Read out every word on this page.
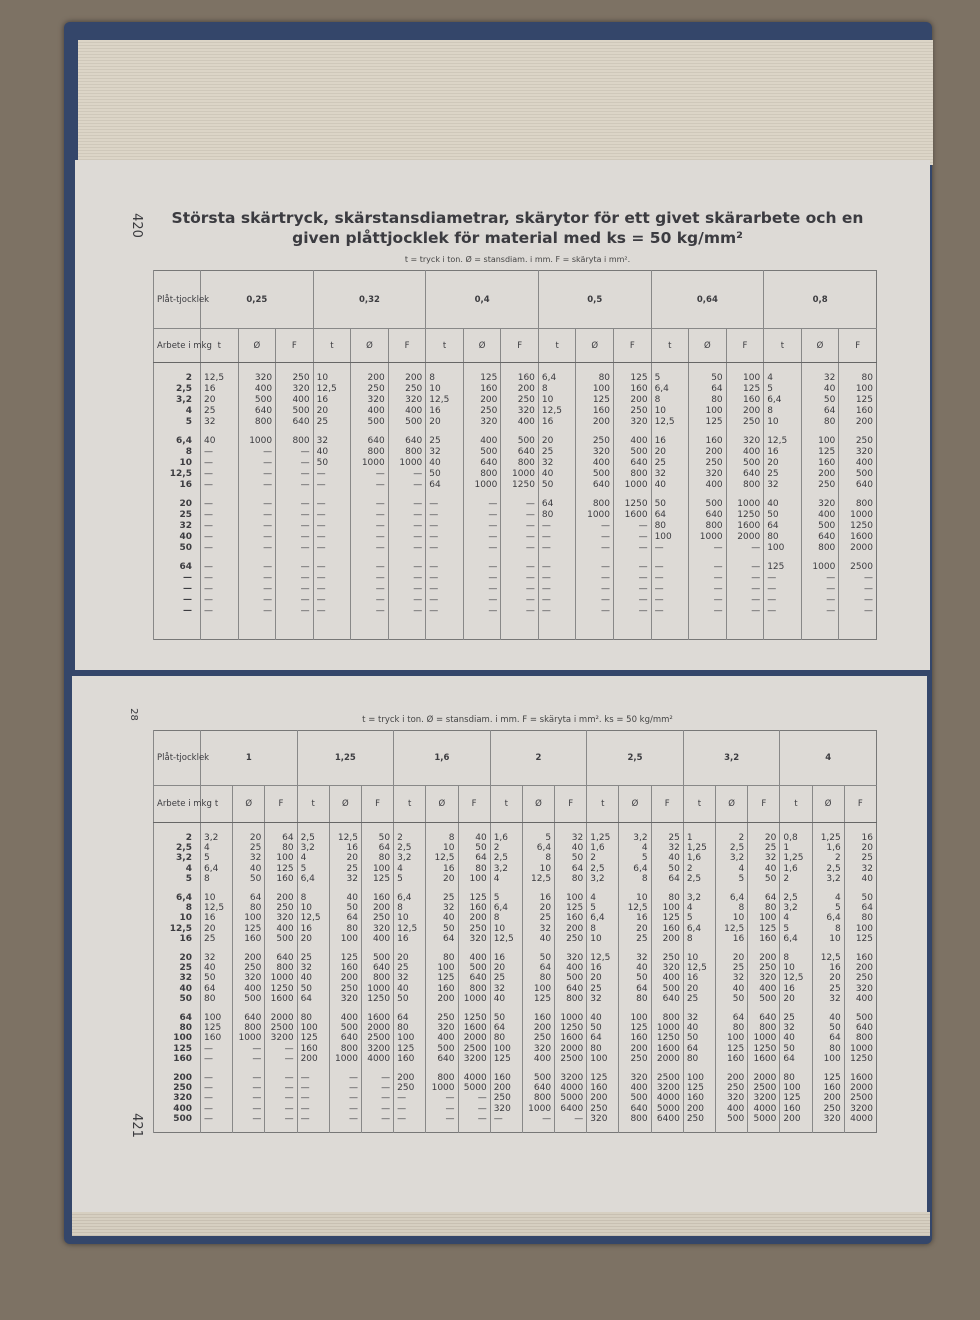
420
28
421
Största skärtryck, skärstansdiametrar, skärytor för ett givet skärarbete och en given plåttjocklek för material med ks = 50 kg/mm²
t = tryck i ton. Ø = stansdiam. i mm. F = skäryta i mm².
t = tryck i ton. Ø = stansdiam. i mm. F = skäryta i mm². ks = 50 kg/mm²
Plåt-tjocklek	0,25			0,32			0,4			0,5			0,64			0,8		
Arbete i mkg	t	Ø	F	t	Ø	F	t	Ø	F	t	Ø	F	t	Ø	F	t	Ø	F

2	12,5	320	250	10	200	200	8	125	160	6,4	80	125	5	50	100	4	32	80
2,5	16	400	320	12,5	250	250	10	160	200	8	100	160	6,4	64	125	5	40	100
3,2	20	500	400	16	320	320	12,5	200	250	10	125	200	8	80	160	6,4	50	125
4	25	640	500	20	400	400	16	250	320	12,5	160	250	10	100	200	8	64	160
5	32	800	640	25	500	500	20	320	400	16	200	320	12,5	125	250	10	80	200

6,4	40	1000	800	32	640	640	25	400	500	20	250	400	16	160	320	12,5	100	250
8	—	—	—	40	800	800	32	500	640	25	320	500	20	200	400	16	125	320
10	—	—	—	50	1000	1000	40	640	800	32	400	640	25	250	500	20	160	400
12,5	—	—	—	—	—	—	50	800	1000	40	500	800	32	320	640	25	200	500
16	—	—	—	—	—	—	64	1000	1250	50	640	1000	40	400	800	32	250	640

20	—	—	—	—	—	—	—	—	—	64	800	1250	50	500	1000	40	320	800
25	—	—	—	—	—	—	—	—	—	80	1000	1600	64	640	1250	50	400	1000
32	—	—	—	—	—	—	—	—	—	—	—	—	80	800	1600	64	500	1250
40	—	—	—	—	—	—	—	—	—	—	—	—	100	1000	2000	80	640	1600
50	—	—	—	—	—	—	—	—	—	—	—	—	—	—	—	100	800	2000

64	—	—	—	—	—	—	—	—	—	—	—	—	—	—	—	125	1000	2500
—	—	—	—	—	—	—	—	—	—	—	—	—	—	—	—	—	—	—
—	—	—	—	—	—	—	—	—	—	—	—	—	—	—	—	—	—	—
—	—	—	—	—	—	—	—	—	—	—	—	—	—	—	—	—	—	—
—	—	—	—	—	—	—	—	—	—	—	—	—	—	—	—	—	—	—

Plåt-tjocklek	1			1,25			1,6			2			2,5			3,2			4		
Arbete i mkg	t	Ø	F	t	Ø	F	t	Ø	F	t	Ø	F	t	Ø	F	t	Ø	F	t	Ø	F

2	3,2	20	64	2,5	12,5	50	2	8	40	1,6	5	32	1,25	3,2	25	1	2	20	0,8	1,25	16
2,5	4	25	80	3,2	16	64	2,5	10	50	2	6,4	40	1,6	4	32	1,25	2,5	25	1	1,6	20
3,2	5	32	100	4	20	80	3,2	12,5	64	2,5	8	50	2	5	40	1,6	3,2	32	1,25	2	25
4	6,4	40	125	5	25	100	4	16	80	3,2	10	64	2,5	6,4	50	2	4	40	1,6	2,5	32
5	8	50	160	6,4	32	125	5	20	100	4	12,5	80	3,2	8	64	2,5	5	50	2	3,2	40

6,4	10	64	200	8	40	160	6,4	25	125	5	16	100	4	10	80	3,2	6,4	64	2,5	4	50
8	12,5	80	250	10	50	200	8	32	160	6,4	20	125	5	12,5	100	4	8	80	3,2	5	64
10	16	100	320	12,5	64	250	10	40	200	8	25	160	6,4	16	125	5	10	100	4	6,4	80
12,5	20	125	400	16	80	320	12,5	50	250	10	32	200	8	20	160	6,4	12,5	125	5	8	100
16	25	160	500	20	100	400	16	64	320	12,5	40	250	10	25	200	8	16	160	6,4	10	125

20	32	200	640	25	125	500	20	80	400	16	50	320	12,5	32	250	10	20	200	8	12,5	160
25	40	250	800	32	160	640	25	100	500	20	64	400	16	40	320	12,5	25	250	10	16	200
32	50	320	1000	40	200	800	32	125	640	25	80	500	20	50	400	16	32	320	12,5	20	250
40	64	400	1250	50	250	1000	40	160	800	32	100	640	25	64	500	20	40	400	16	25	320
50	80	500	1600	64	320	1250	50	200	1000	40	125	800	32	80	640	25	50	500	20	32	400

64	100	640	2000	80	400	1600	64	250	1250	50	160	1000	40	100	800	32	64	640	25	40	500
80	125	800	2500	100	500	2000	80	320	1600	64	200	1250	50	125	1000	40	80	800	32	50	640
100	160	1000	3200	125	640	2500	100	400	2000	80	250	1600	64	160	1250	50	100	1000	40	64	800
125	—	—	—	160	800	3200	125	500	2500	100	320	2000	80	200	1600	64	125	1250	50	80	1000
160	—	—	—	200	1000	4000	160	640	3200	125	400	2500	100	250	2000	80	160	1600	64	100	1250

200	—	—	—	—	—	—	200	800	4000	160	500	3200	125	320	2500	100	200	2000	80	125	1600
250	—	—	—	—	—	—	250	1000	5000	200	640	4000	160	400	3200	125	250	2500	100	160	2000
320	—	—	—	—	—	—	—	—	—	250	800	5000	200	500	4000	160	320	3200	125	200	2500
400	—	—	—	—	—	—	—	—	—	320	1000	6400	250	640	5000	200	400	4000	160	250	3200
500	—	—	—	—	—	—	—	—	—	—	—	—	320	800	6400	250	500	5000	200	320	4000
